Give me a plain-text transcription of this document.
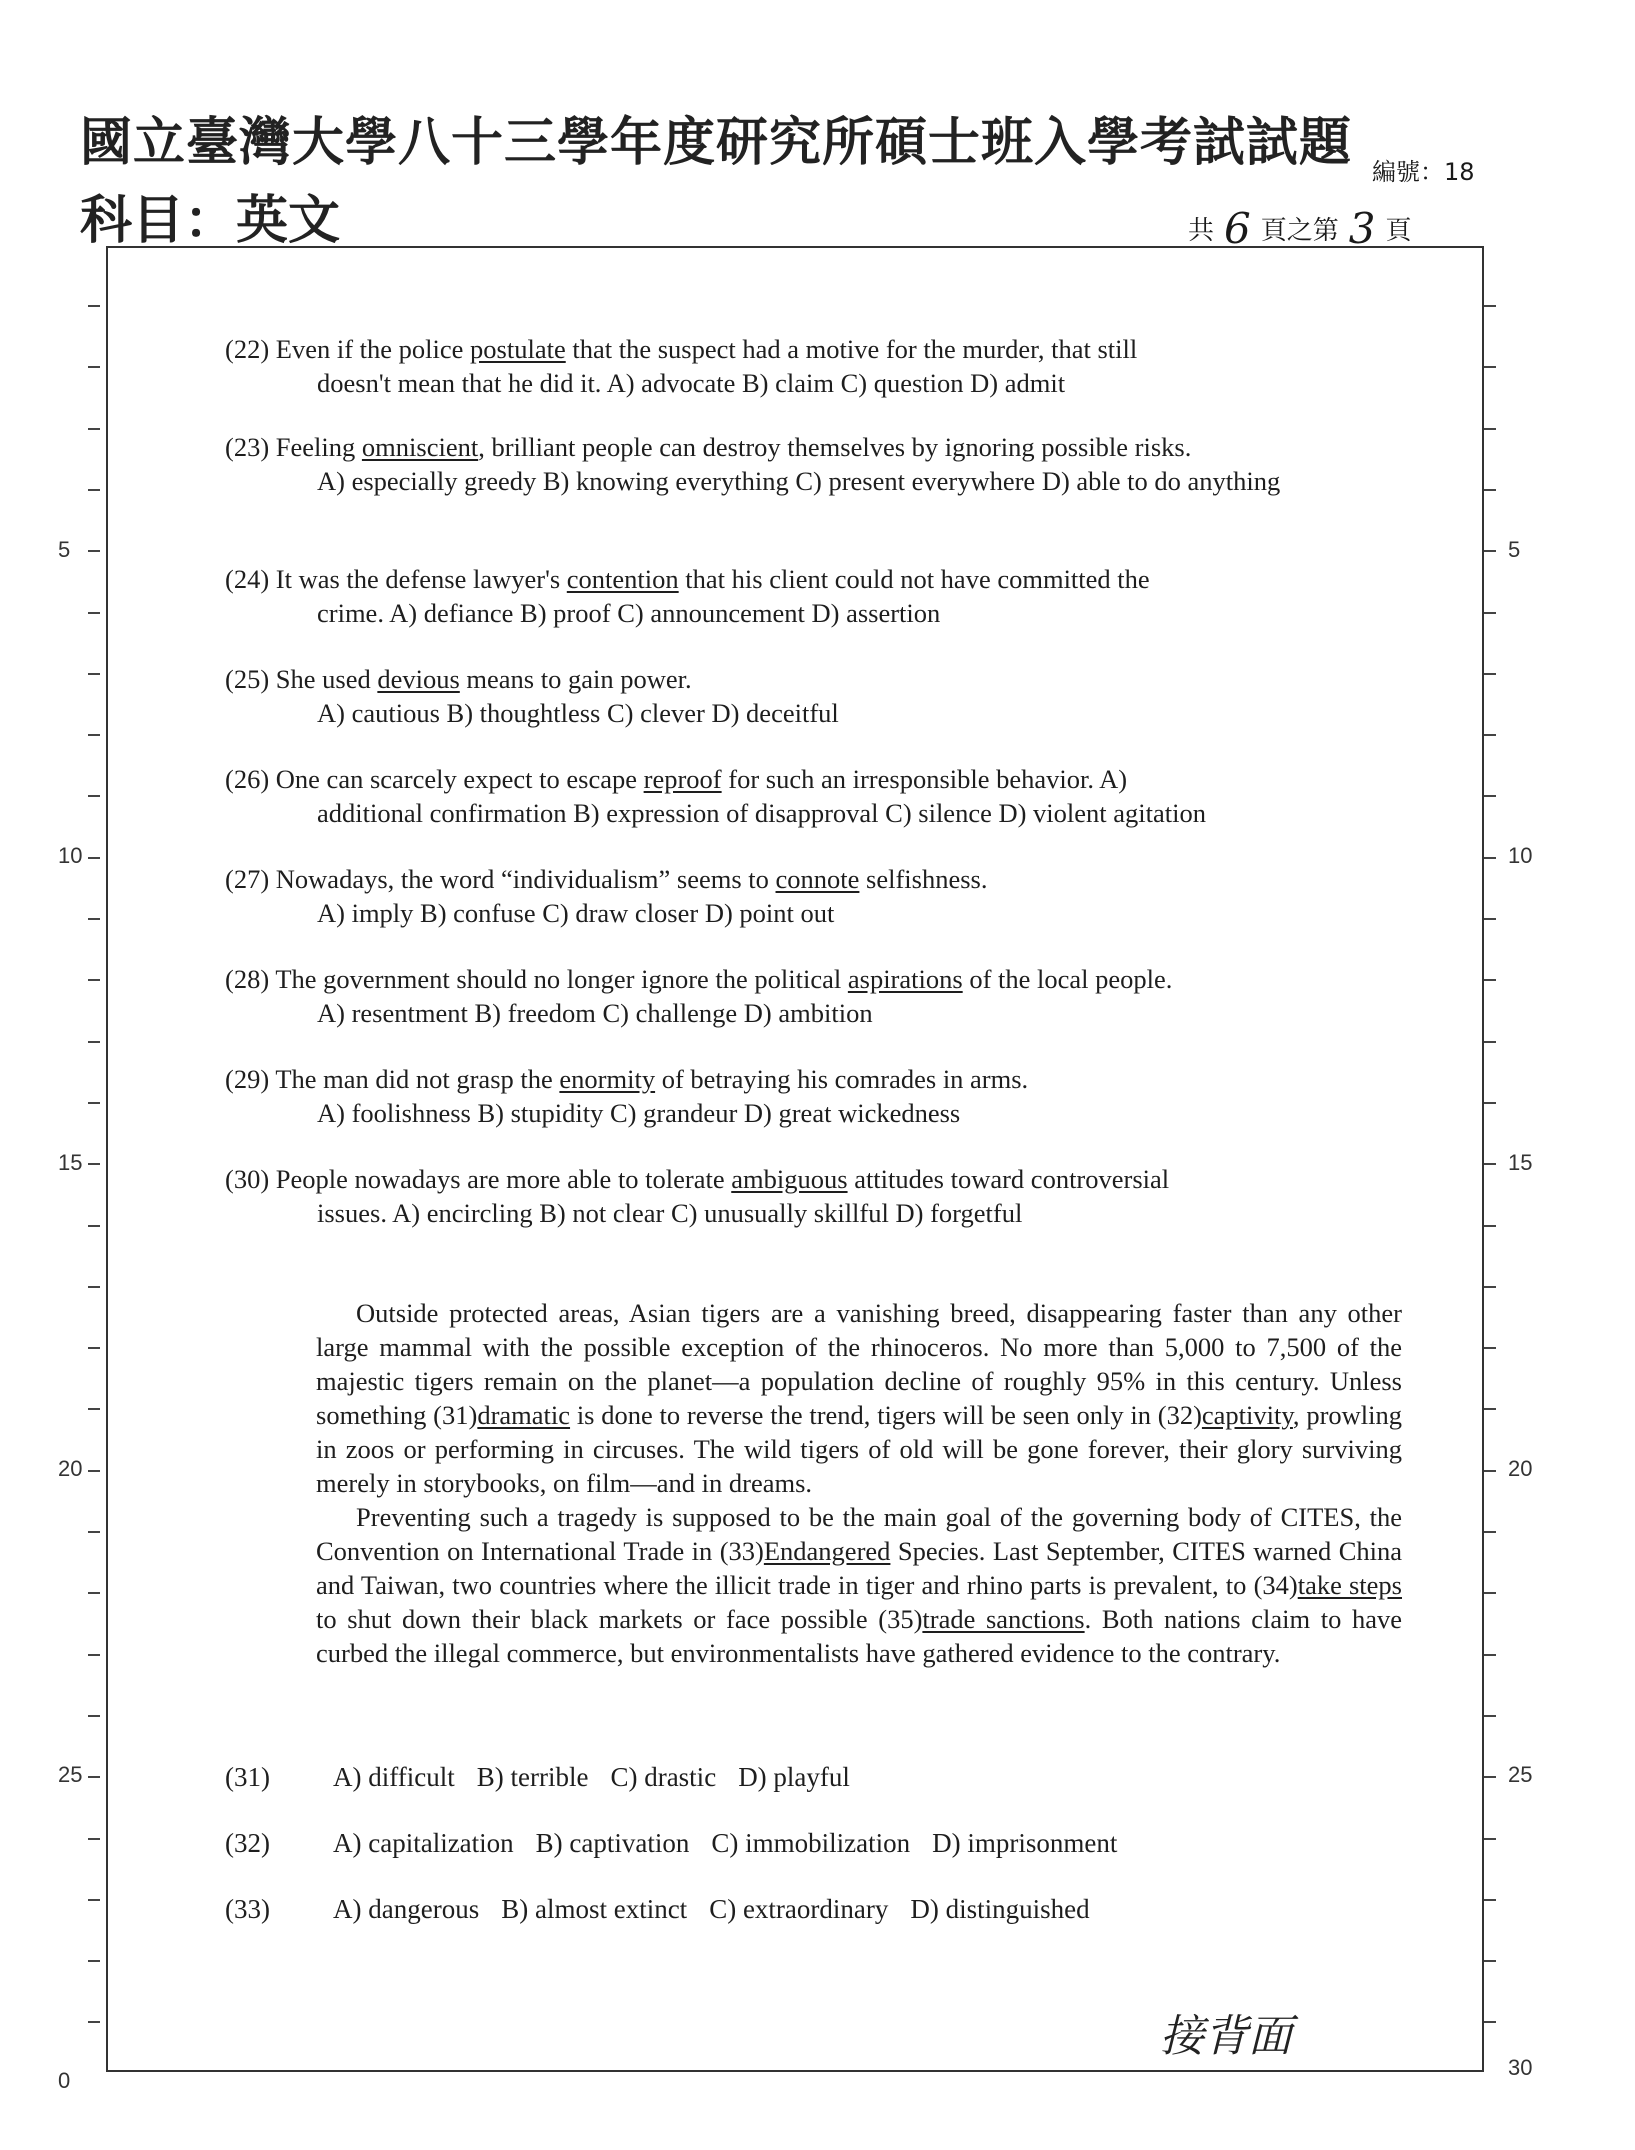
國立臺灣大學八十三學年度研究所碩士班入學考試試題
科目：英文
編號：18
共 6 頁之第 3 頁
5
10
15
20
25
0
5
10
15
20
25
30
(22) Even if the police postulate that the suspect had a motive for the murder, that still
doesn't mean that he did it. A) advocate B) claim C) question D) admit
(23) Feeling omniscient, brilliant people can destroy themselves by ignoring possible risks.
A) especially greedy B) knowing everything C) present everywhere D) able to do anything
(24) It was the defense lawyer's contention that his client could not have committed the
crime. A) defiance B) proof C) announcement D) assertion
(25) She used devious means to gain power.
A) cautious B) thoughtless C) clever D) deceitful
(26) One can scarcely expect to escape reproof for such an irresponsible behavior. A)
additional confirmation B) expression of disapproval C) silence D) violent agitation
(27) Nowadays, the word “individualism” seems to connote selfishness.
A) imply B) confuse C) draw closer D) point out
(28) The government should no longer ignore the political aspirations of the local people.
A) resentment B) freedom C) challenge D) ambition
(29) The man did not grasp the enormity of betraying his comrades in arms.
A) foolishness B) stupidity C) grandeur D) great wickedness
(30) People nowadays are more able to tolerate ambiguous attitudes toward controversial
issues. A) encircling B) not clear C) unusually skillful D) forgetful

Outside protected areas, Asian tigers are a vanishing breed, disappearing faster than any other large mammal with the possible exception of the rhinoceros. No more than 5,000 to 7,500 of the majestic tigers remain on the planet—a population decline of roughly 95% in this century. Unless something (31)dramatic is done to reverse the trend, tigers will be seen only in (32)captivity, prowling in zoos or performing in circuses. The wild tigers of old will be gone forever, their glory surviving merely in storybooks, on film—and in dreams.

Preventing such a tragedy is supposed to be the main goal of the governing body of CITES, the Convention on International Trade in (33)Endangered Species. Last September, CITES warned China and Taiwan, two countries where the illicit trade in tiger and rhino parts is prevalent, to (34)take steps to shut down their black markets or face possible (35)trade sanctions. Both nations claim to have curbed the illegal commerce, but environmentalists have gathered evidence to the contrary.

(31) A) difficult B) terrible C) drastic D) playful
(32) A) capitalization B) captivation C) immobilization D) imprisonment
(33) A) dangerous B) almost extinct C) extraordinary D) distinguished
接背面
